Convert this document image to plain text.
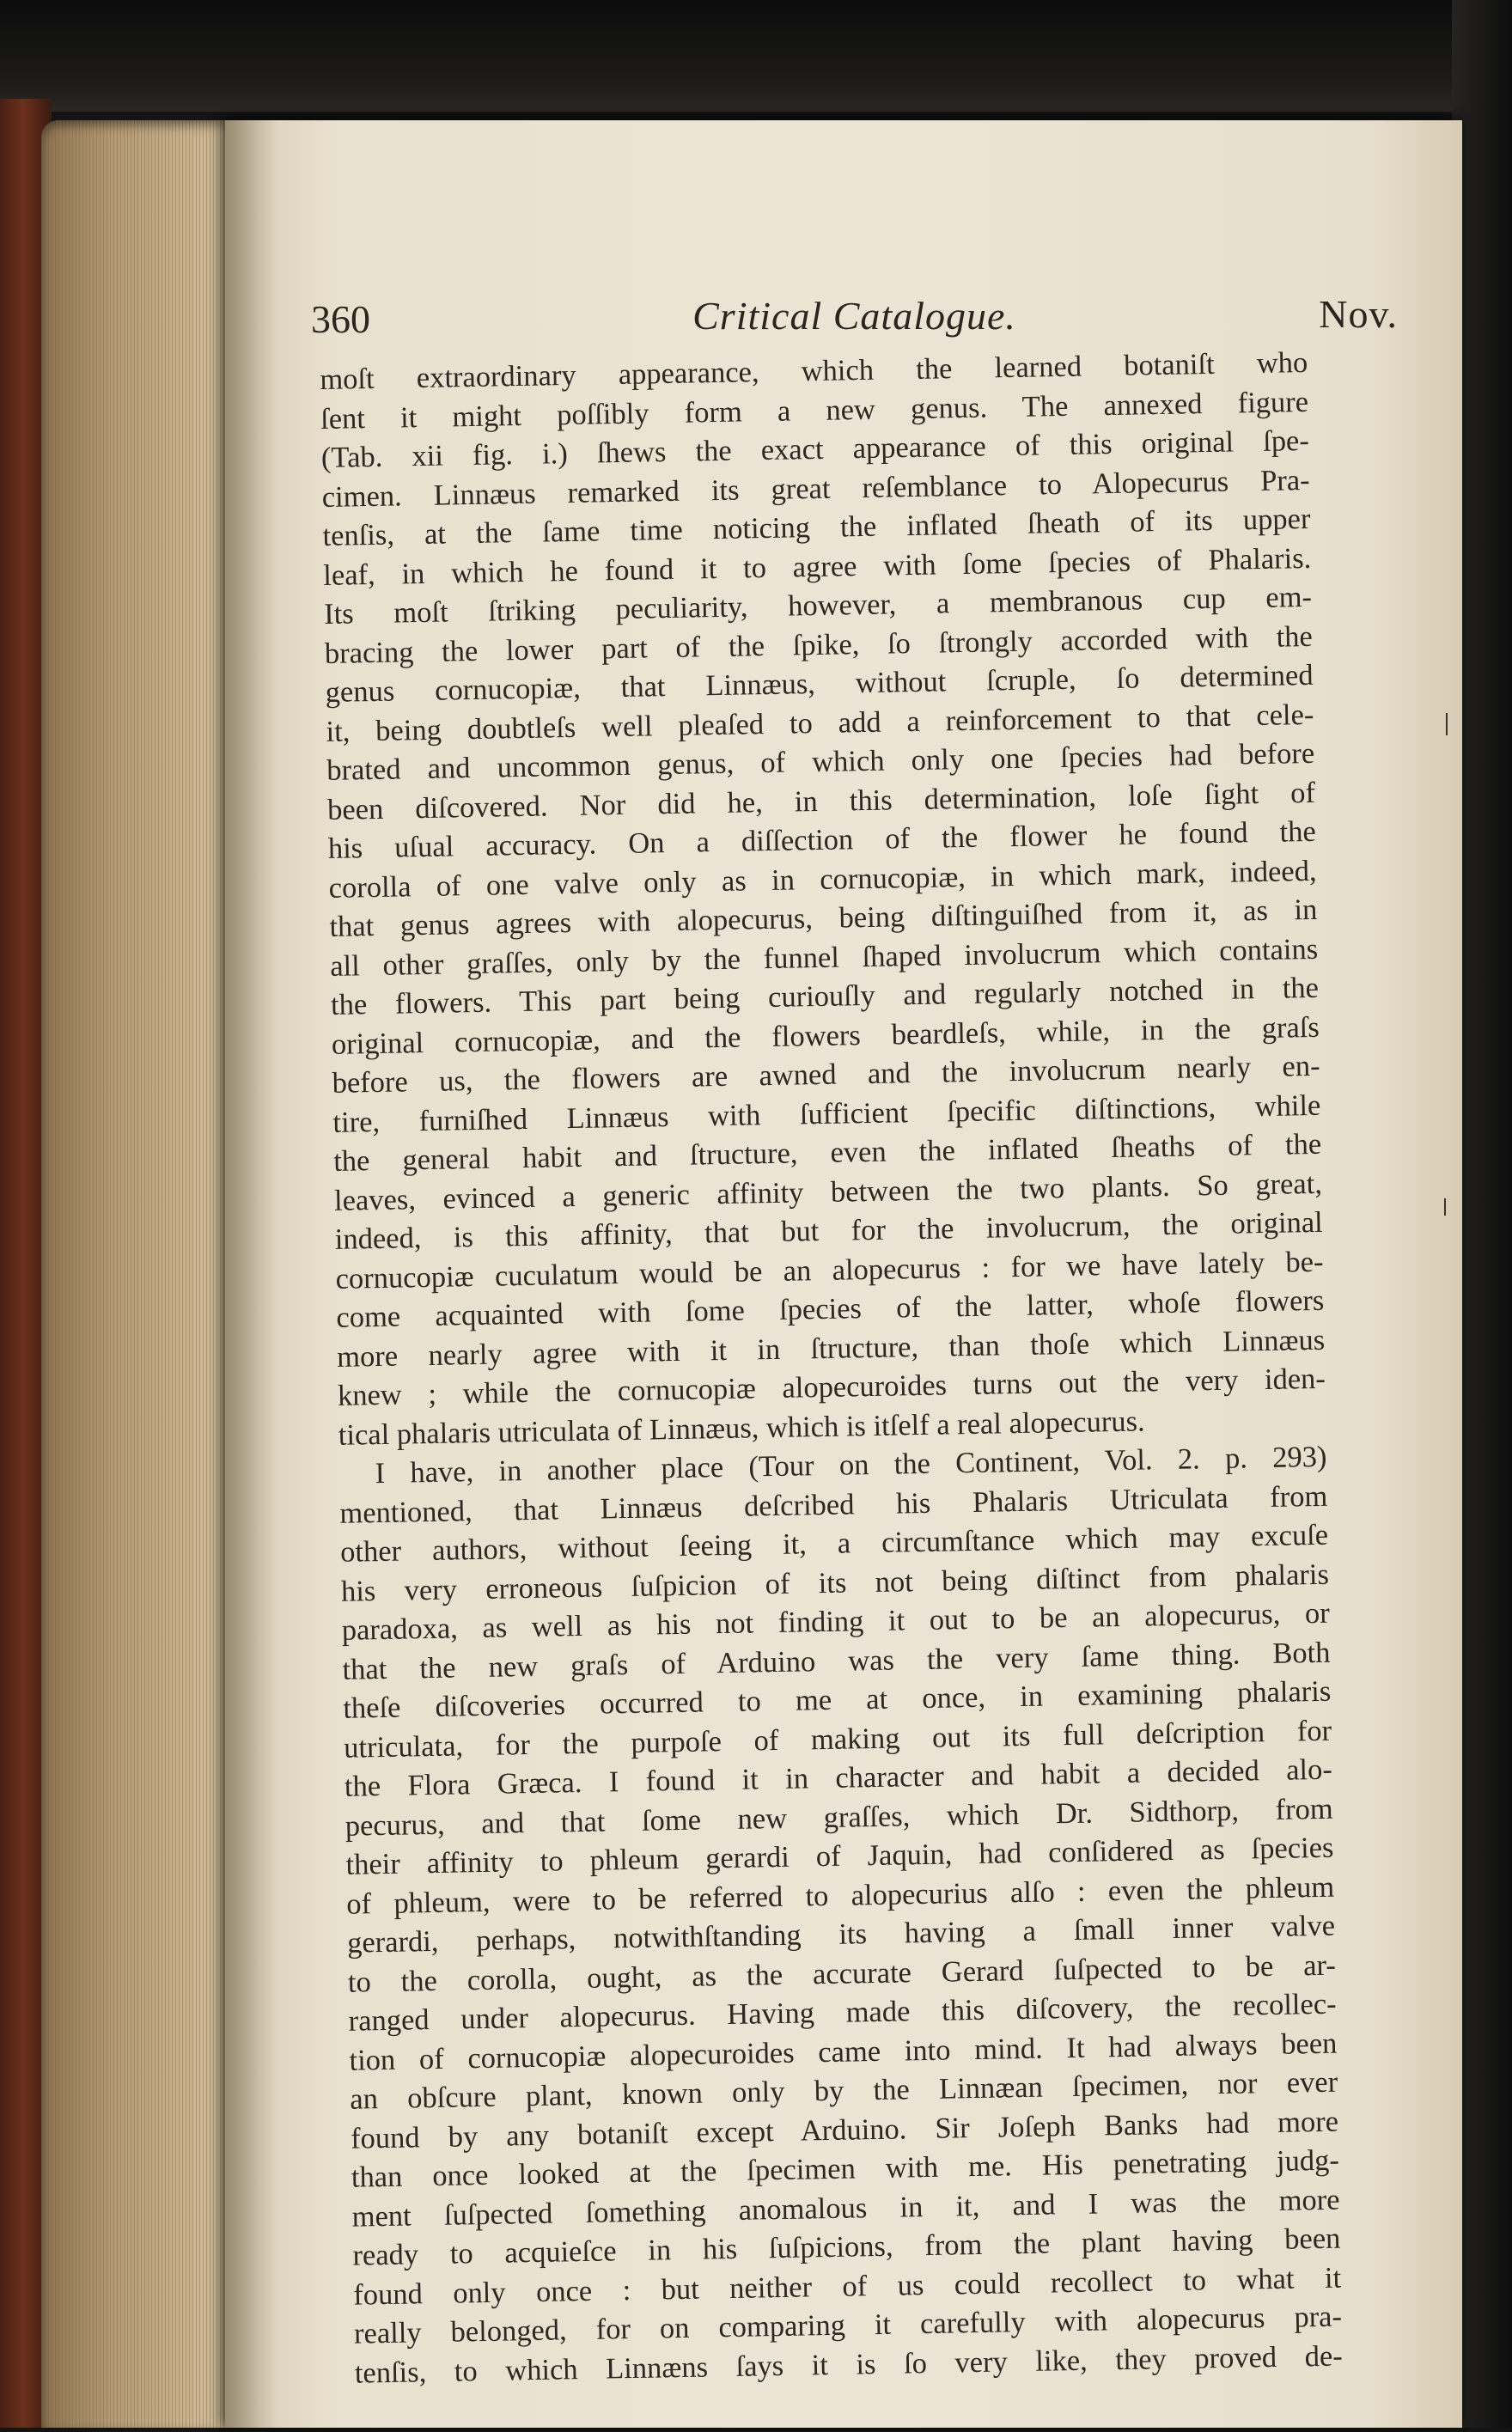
360	Critical Catalogue.	Nov.
moſt extraordinary appearance, which the learned botaniſt who
ſent it might poſſibly form a new genus. The annexed figure
(Tab. xii fig. i.) ſhews the exact appearance of this original ſpe-
cimen. Linnæus remarked its great reſemblance to Alopecurus Pra-
tenſis, at the ſame time noticing the inflated ſheath of its upper
leaf, in which he found it to agree with ſome ſpecies of Phalaris.
Its moſt ſtriking peculiarity, however, a membranous cup em-
bracing the lower part of the ſpike, ſo ſtrongly accorded with the
genus cornucopiæ, that Linnæus, without ſcruple, ſo determined
it, being doubtleſs well pleaſed to add a reinforcement to that cele-
brated and uncommon genus, of which only one ſpecies had before
been diſcovered. Nor did he, in this determination, loſe ſight of
his uſual accuracy. On a diſſection of the flower he found the
corolla of one valve only as in cornucopiæ, in which mark, indeed,
that genus agrees with alopecurus, being diſtinguiſhed from it, as in
all other graſſes, only by the funnel ſhaped involucrum which contains
the flowers. This part being curiouſly and regularly notched in the
original cornucopiæ, and the flowers beardleſs, while, in the graſs
before us, the flowers are awned and the involucrum nearly en-
tire, furniſhed Linnæus with ſufficient ſpecific diſtinctions, while
the general habit and ſtructure, even the inflated ſheaths of the
leaves, evinced a generic affinity between the two plants. So great,
indeed, is this affinity, that but for the involucrum, the original
cornucopiæ cuculatum would be an alopecurus : for we have lately be-
come acquainted with ſome ſpecies of the latter, whoſe flowers
more nearly agree with it in ſtructure, than thoſe which Linnæus
knew ; while the cornucopiæ alopecuroides turns out the very iden-
tical phalaris utriculata of Linnæus, which is itſelf a real alopecurus.
I have, in another place (Tour on the Continent, Vol. 2. p. 293)
mentioned, that Linnæus deſcribed his Phalaris Utriculata from
other authors, without ſeeing it, a circumſtance which may excuſe
his very erroneous ſuſpicion of its not being diſtinct from phalaris
paradoxa, as well as his not finding it out to be an alopecurus, or
that the new graſs of Arduino was the very ſame thing. Both
theſe diſcoveries occurred to me at once, in examining phalaris
utriculata, for the purpoſe of making out its full deſcription for
the Flora Græca. I found it in character and habit a decided alo-
pecurus, and that ſome new graſſes, which Dr. Sidthorp, from
their affinity to phleum gerardi of Jaquin, had conſidered as ſpecies
of phleum, were to be referred to alopecurius alſo : even the phleum
gerardi, perhaps, notwithſtanding its having a ſmall inner valve
to the corolla, ought, as the accurate Gerard ſuſpected to be ar-
ranged under alopecurus. Having made this diſcovery, the recollec-
tion of cornucopiæ alopecuroides came into mind. It had always been
an obſcure plant, known only by the Linnæan ſpecimen, nor ever
found by any botaniſt except Arduino. Sir Joſeph Banks had more
than once looked at the ſpecimen with me. His penetrating judg-
ment ſuſpected ſomething anomalous in it, and I was the more
ready to acquieſce in his ſuſpicions, from the plant having been
found only once : but neither of us could recollect to what it
really belonged, for on comparing it carefully with alopecurus pra-
tenſis, to which Linnæns ſays it is ſo very like, they proved de-
